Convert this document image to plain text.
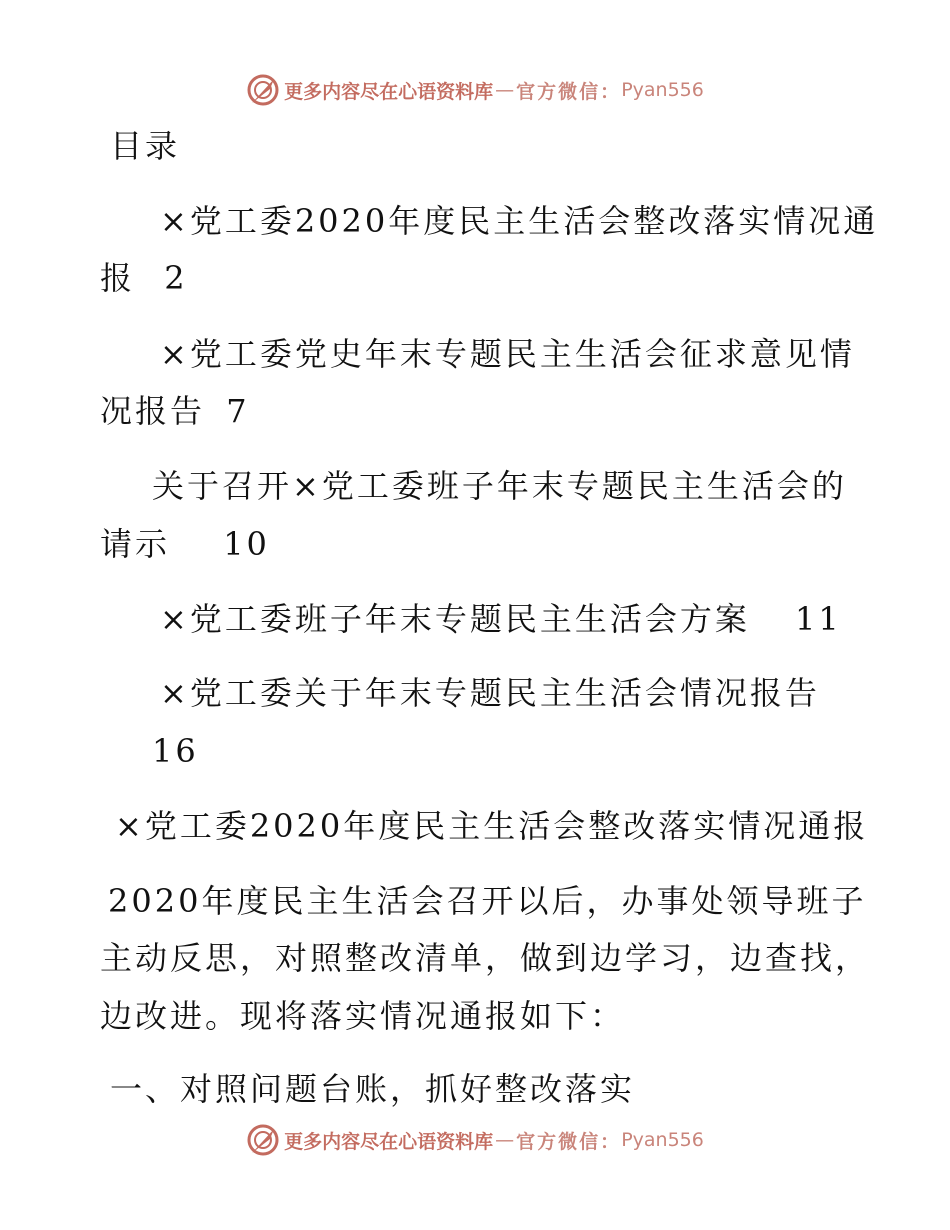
更多内容尽在心语资料库 — 官方微信： Pyan556
目录
×党工委2020年度民主生活会整改落实情况通
报 2
×党工委党史年末专题民主生活会征求意见情
况报告 7
关于召开×党工委班子年末专题民主生活会的
请示 10
×党工委班子年末专题民主生活会方案 11
×党工委关于年末专题民主生活会情况报告
16
×党工委2020年度民主生活会整改落实情况通报
2020年度民主生活会召开以后，办事处领导班子
主动反思，对照整改清单，做到边学习，边查找，
边改进。现将落实情况通报如下：
一、对照问题台账，抓好整改落实
更多内容尽在心语资料库 — 官方微信： Pyan556
